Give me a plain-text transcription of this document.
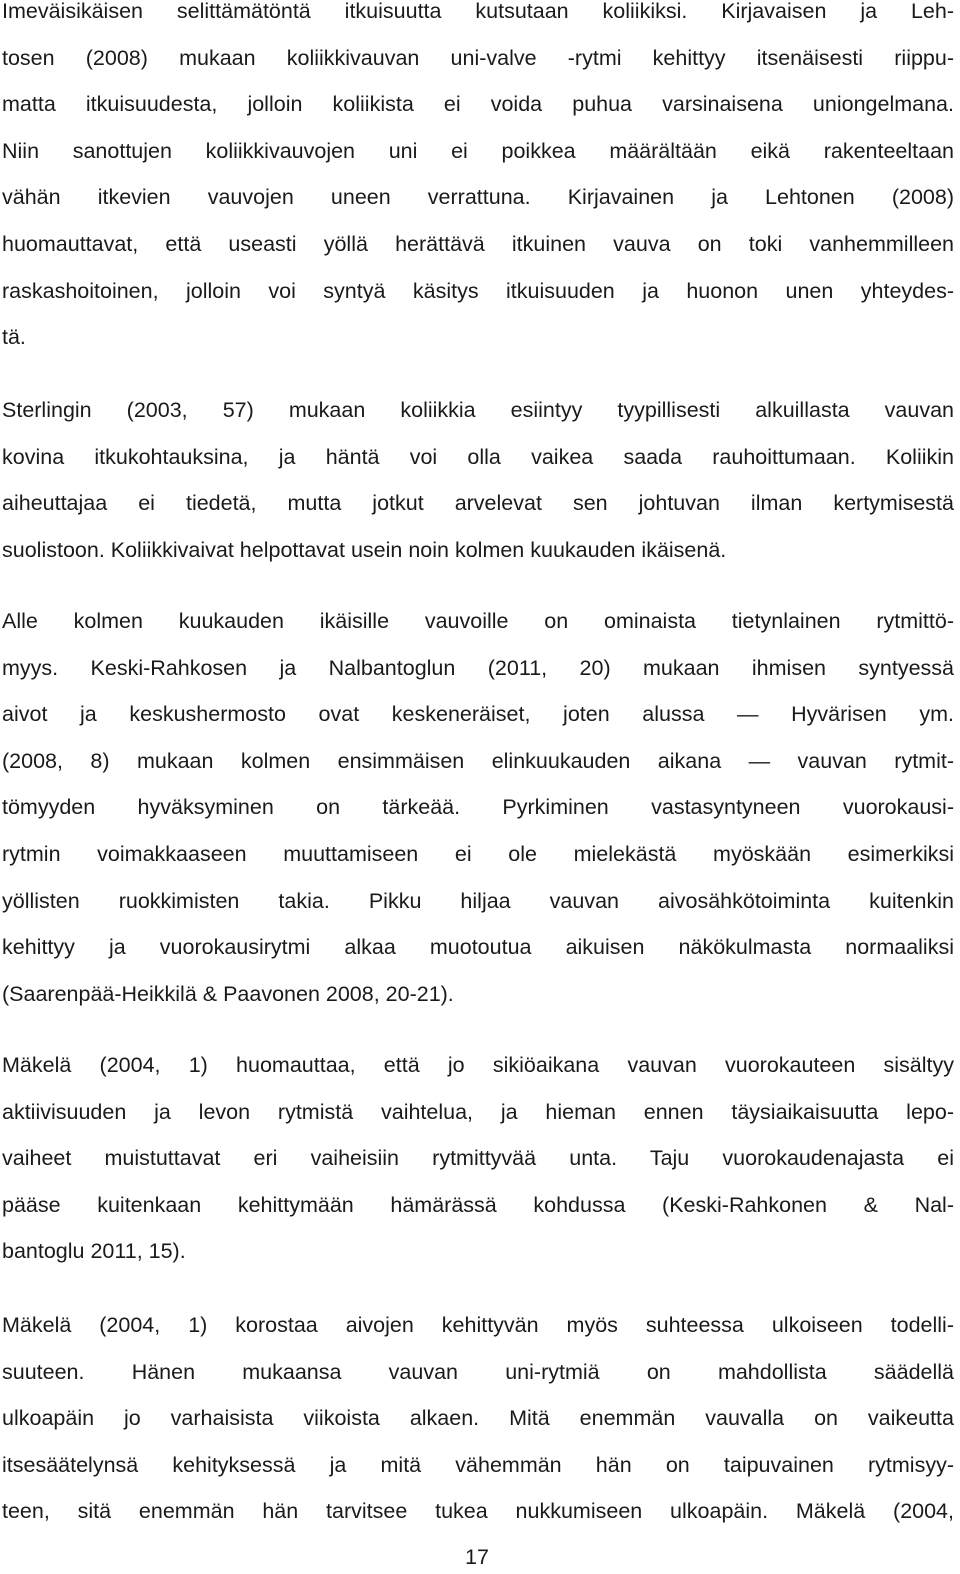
Imeväisikäisen selittämätöntä itkuisuutta kutsutaan koliikiksi. Kirjavaisen ja Leh-
tosen (2008) mukaan koliikkivauvan uni-valve -rytmi kehittyy itsenäisesti riippu-
matta itkuisuudesta, jolloin koliikista ei voida puhua varsinaisena uniongelmana.
Niin sanottujen koliikkivauvojen uni ei poikkea määrältään eikä rakenteeltaan
vähän itkevien vauvojen uneen verrattuna. Kirjavainen ja Lehtonen (2008)
huomauttavat, että useasti yöllä herättävä itkuinen vauva on toki vanhemmilleen
raskashoitoinen, jolloin voi syntyä käsitys itkuisuuden ja huonon unen yhteydes-
tä.

Sterlingin (2003, 57) mukaan koliikkia esiintyy tyypillisesti alkuillasta vauvan
kovina itkukohtauksina, ja häntä voi olla vaikea saada rauhoittumaan. Koliikin
aiheuttajaa ei tiedetä, mutta jotkut arvelevat sen johtuvan ilman kertymisestä
suolistoon. Koliikkivaivat helpottavat usein noin kolmen kuukauden ikäisenä.

Alle kolmen kuukauden ikäisille vauvoille on ominaista tietynlainen rytmittö-
myys. Keski-Rahkosen ja Nalbantoglun (2011, 20) mukaan ihmisen syntyessä
aivot ja keskushermosto ovat keskeneräiset, joten alussa — Hyvärisen ym.
(2008, 8) mukaan kolmen ensimmäisen elinkuukauden aikana — vauvan rytmit-
tömyyden hyväksyminen on tärkeää. Pyrkiminen vastasyntyneen vuorokausi-
rytmin voimakkaaseen muuttamiseen ei ole mielekästä myöskään esimerkiksi
yöllisten ruokkimisten takia. Pikku hiljaa vauvan aivosähkötoiminta kuitenkin
kehittyy ja vuorokausirytmi alkaa muotoutua aikuisen näkökulmasta normaaliksi
(Saarenpää-Heikkilä & Paavonen 2008, 20-21).

Mäkelä (2004, 1) huomauttaa, että jo sikiöaikana vauvan vuorokauteen sisältyy
aktiivisuuden ja levon rytmistä vaihtelua, ja hieman ennen täysiaikaisuutta lepo-
vaiheet muistuttavat eri vaiheisiin rytmittyvää unta. Taju vuorokaudenajasta ei
pääse kuitenkaan kehittymään hämärässä kohdussa (Keski-Rahkonen & Nal-
bantoglu 2011, 15).

Mäkelä (2004, 1) korostaa aivojen kehittyvän myös suhteessa ulkoiseen todelli-
suuteen. Hänen mukaansa vauvan uni-rytmiä on mahdollista säädellä
ulkoapäin jo varhaisista viikoista alkaen. Mitä enemmän vauvalla on vaikeutta
itsesäätelynsä kehityksessä ja mitä vähemmän hän on taipuvainen rytmisyy-
teen, sitä enemmän hän tarvitsee tukea nukkumiseen ulkoapäin. Mäkelä (2004,

17
